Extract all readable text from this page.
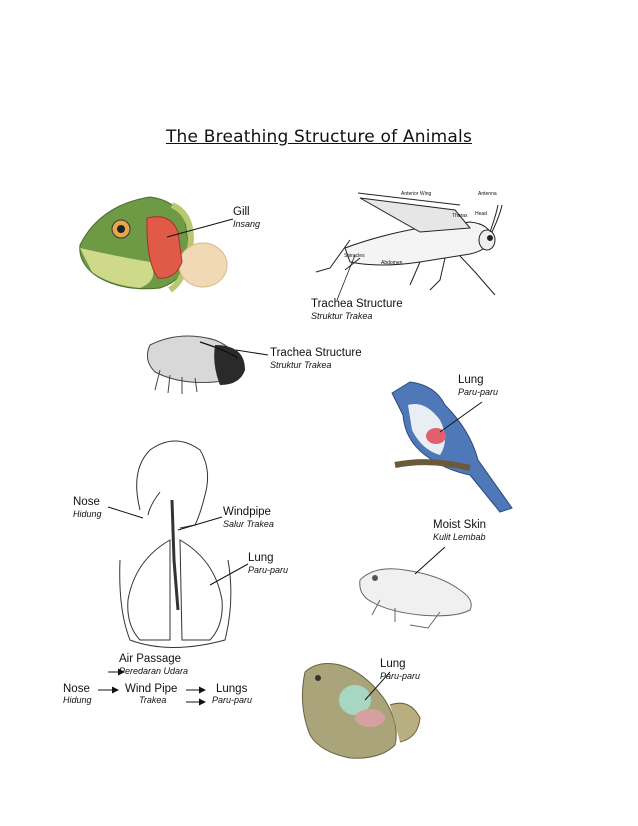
The Breathing Structure of Animals
Gill
Insang
Trachea Structure
Struktur Trakea
Anterior Wing	Antenna
Thorax Head
Spiracles
Abdomen
Trachea Structure
Struktur Trakea
Lung
Paru-paru
Nose
Hidung	Windpipe
Salur Trakea
Lung
Paru-paru
Air Passage
Peredaran Udara
Moist Skin
Kulit Lembab
Lung
Paru-paru
Nose
Hidung
Wind Pipe
Trakea
Lungs
Paru-paru
